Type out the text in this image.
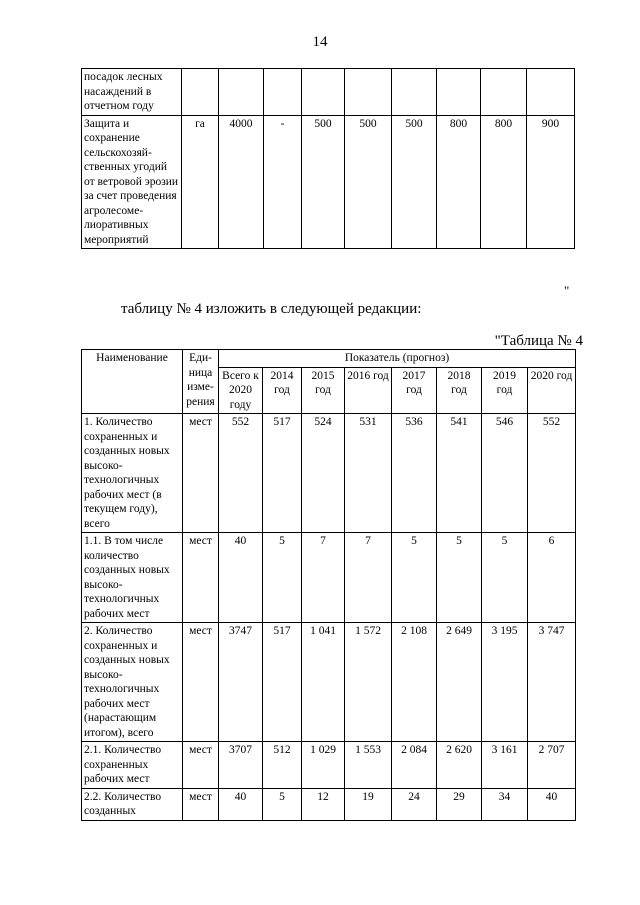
14
посадок лесных насаждений в отчетном году									
Защита и сохранение сельскохозяй-ственных угодий от ветровой эрозии за счет проведения агролесоме-лиоративных мероприятий	га	4000	-	500	500	500	800	800	900
"
таблицу № 4 изложить в следующей редакции:
"Таблица № 4
Наименование	Еди-ница изме-рения	Показатель (прогноз)							
		Всего к 2020 году	2014 год	2015 год	2016 год	2017 год	2018 год	2019 год	2020 год
1. Количество сохраненных и созданных новых высоко-технологичных рабочих мест (в текущем году), всего	мест	552	517	524	531	536	541	546	552
1.1. В том числе количество созданных новых высоко-технологичных рабочих мест	мест	40	5	7	7	5	5	5	6
2. Количество сохраненных и созданных новых высоко-технологичных рабочих мест (нарастающим итогом), всего	мест	3747	517	1 041	1 572	2 108	2 649	3 195	3 747
2.1. Количество сохраненных рабочих мест	мест	3707	512	1 029	1 553	2 084	2 620	3 161	2 707
2.2. Количество созданных	мест	40	5	12	19	24	29	34	40
